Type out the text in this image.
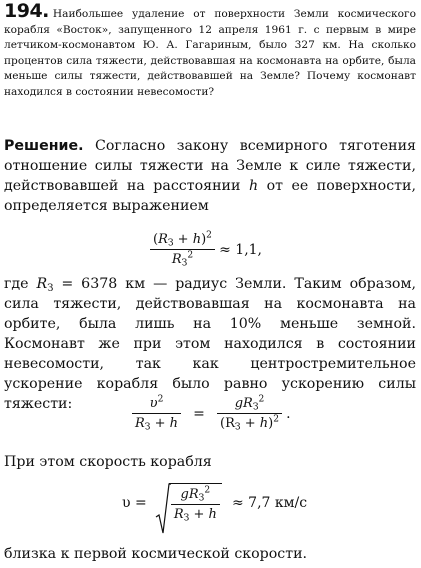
194. Наибольшее удаление от поверхности Земли космического корабля «Восток», запущенного 12 апреля 1961 г. с первым в мире летчиком-космонавтом Ю. А. Гагариным, было 327 км. На сколько процентов сила тяжести, действовавшая на космонавта на орбите, была меньше силы тяжести, действовавшей на Земле? Почему космонавт находился в состоянии невесомости?
Решение. Согласно закону всемирного тяготения отношение силы тяжести на Земле к силе тяжести, действовавшей на расстоянии h от ее поверхности, определяется выражением
$\frac{(R_З + h)^2}{R_З^2} \approx 1,1$,
где $R_З = 6378$ км — радиус Земли. Таким образом, сила тяжести, действовавшая на космонавта на орбите, была лишь на 10% меньше земной. Космонавт же при этом находился в состоянии невесомости, так как центростремительное ускорение корабля было равно ускорению силы тяжести:	$\frac{\upsilon^2}{R_З + h} = \frac{gR_З^2}{(R_З + h)^2}$ .
При этом скорость корабля
$\upsilon = \frac{gR_З^2}{R_З + h} \approx 7,7$ км/с
близка к первой космической скорости.
